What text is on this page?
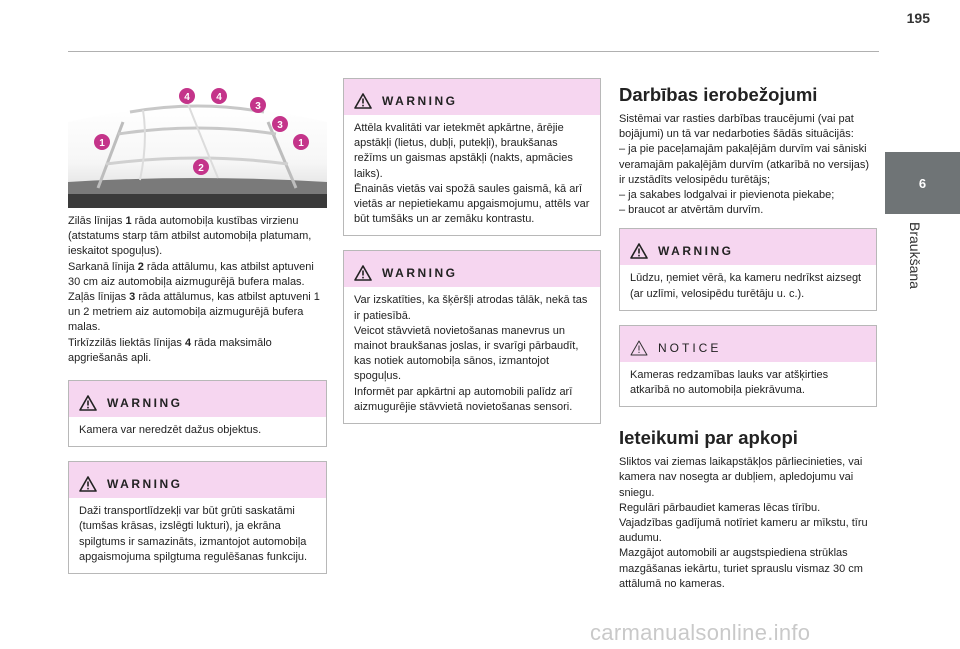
195
6
Braukšana
1	1
2
3
3
4	4

Zilās līnijas 1 rāda automobiļa kustības virzienu (atstatums starp tām atbilst automobiļa platumam, ieskaitot spoguļus).

Sarkanā līnija 2 rāda attālumu, kas atbilst aptuveni 30 cm aiz automobiļa aizmugurējā bufera malas.

Zaļās līnijas 3 rāda attālumus, kas atbilst aptuveni 1 un 2 metriem aiz automobiļa aizmugurējā bufera malas.

Tirkīzzilās liektās līnijas 4 rāda maksimālo apgriešanās apli.

WARNING

Kamera var neredzēt dažus objektus.

WARNING

Daži transportlīdzekļi var būt grūti saskatāmi (tumšas krāsas, izslēgti lukturi), ja ekrāna spilgtums ir samazināts, izmantojot automobiļa apgaismojuma spilgtuma regulēšanas funkciju.

WARNING

Attēla kvalitāti var ietekmēt apkārtne, ārējie apstākļi (lietus, dubļi, putekļi), braukšanas režīms un gaismas apstākļi (nakts, apmācies laiks).

Ēnainās vietās vai spožā saules gaismā, kā arī vietās ar nepietiekamu apgaismojumu, attēls var būt tumšāks un ar zemāku kontrastu.

WARNING

Var izskatīties, ka šķēršļi atrodas tālāk, nekā tas ir patiesībā.

Veicot stāvvietā novietošanas manevrus un mainot braukšanas joslas, ir svarīgi pārbaudīt, kas notiek automobiļa sānos, izmantojot spoguļus.

Informēt par apkārtni ap automobili palīdz arī aizmugurējie stāvvietā novietošanas sensori.

Darbības ierobežojumi

Sistēmai var rasties darbības traucējumi (vai pat bojājumi) un tā var nedarboties šādās situācijās:

– ja pie paceļamajām pakaļējām durvīm vai sāniski veramajām pakaļējām durvīm (atkarībā no versijas) ir uzstādīts velosipēdu turētājs;

– ja sakabes lodgalvai ir pievienota piekabe;

– braucot ar atvērtām durvīm.

WARNING

Lūdzu, ņemiet vērā, ka kameru nedrīkst aizsegt (ar uzlīmi, velosipēdu turētāju u. c.).

NOTICE

Kameras redzamības lauks var atšķirties atkarībā no automobiļa piekrāvuma.

Ieteikumi par apkopi

Sliktos vai ziemas laikapstākļos pārliecinieties, vai kamera nav nosegta ar dubļiem, apledojumu vai sniegu.

Regulāri pārbaudiet kameras lēcas tīrību.

Vajadzības gadījumā notīriet kameru ar mīkstu, tīru audumu.

Mazgājot automobili ar augstspiediena strūklas mazgāšanas iekārtu, turiet sprauslu vismaz 30 cm attālumā no kameras.

carmanualsonline.info
